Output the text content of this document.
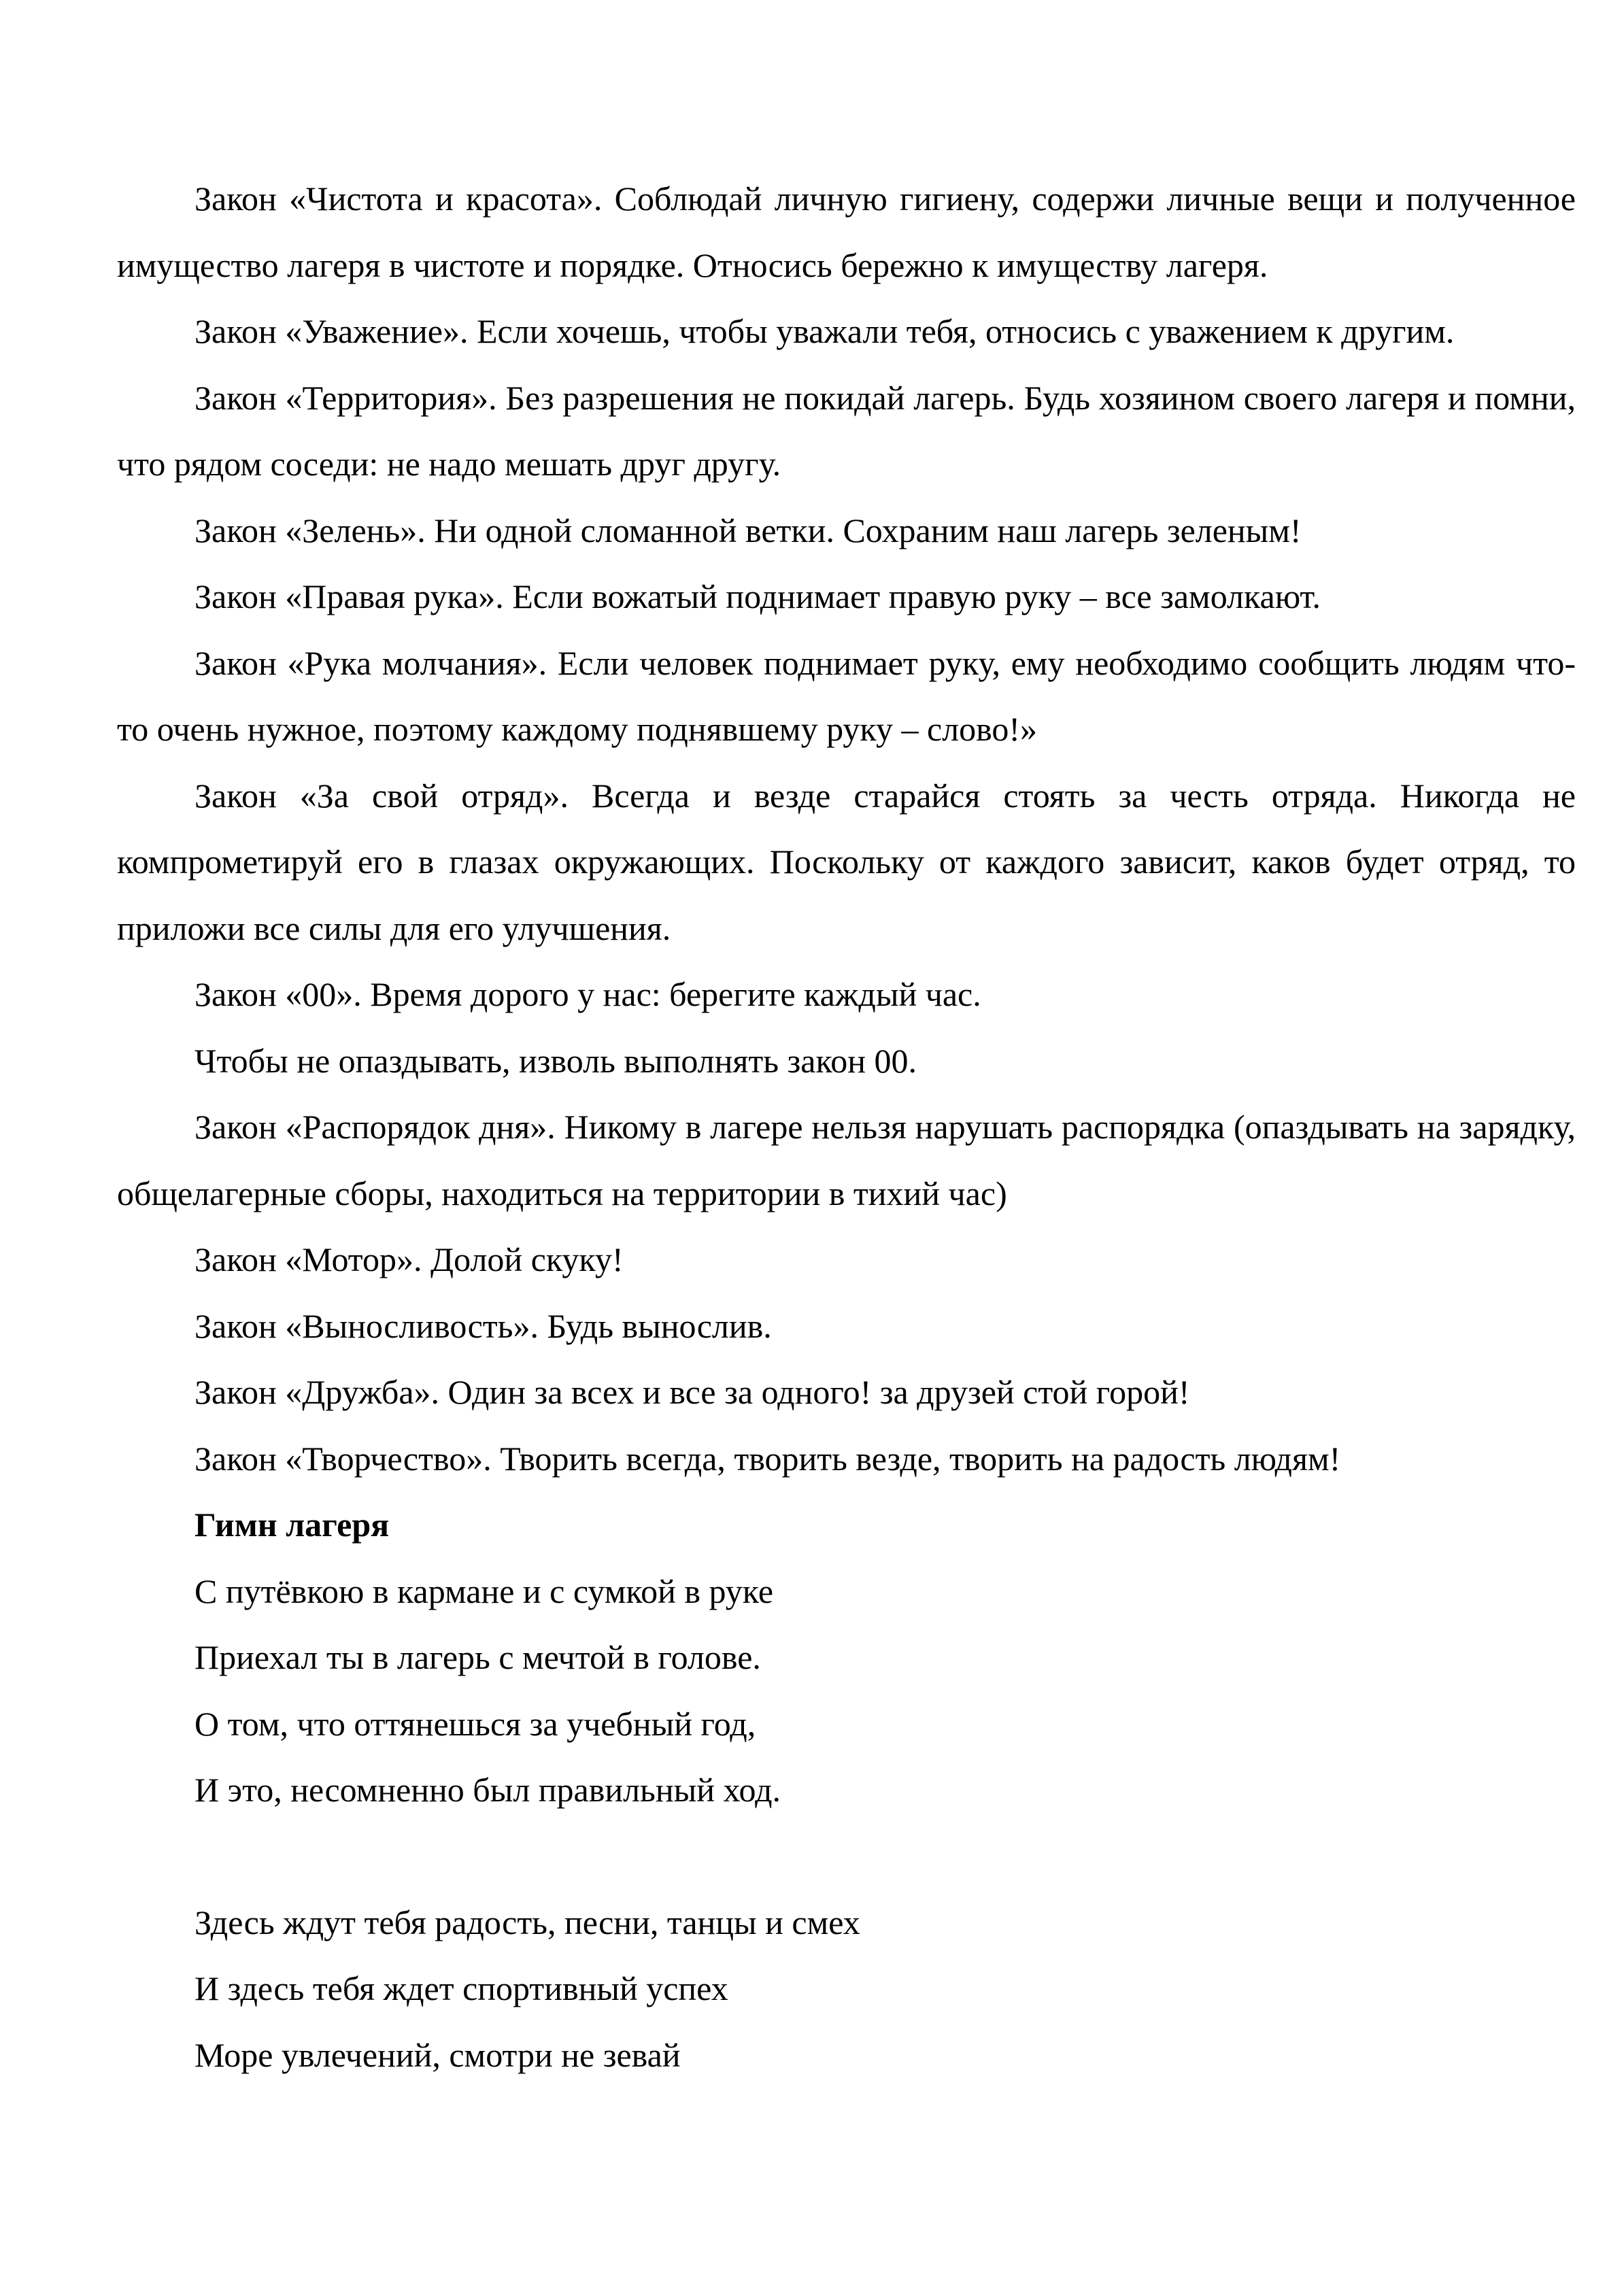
Закон «Чистота и красота». Соблюдай личную гигиену, содержи личные вещи и полученное имущество лагеря в чистоте и порядке. Относись бережно к имуществу лагеря.

Закон «Уважение». Если хочешь, чтобы уважали тебя, относись с уважением к другим.

Закон «Территория». Без разрешения не покидай лагерь. Будь хозяином своего лагеря и помни, что рядом соседи: не надо мешать друг другу.

Закон «Зелень». Ни одной сломанной ветки. Сохраним наш лагерь зеленым!

Закон «Правая рука». Если вожатый поднимает правую руку – все замолкают.

Закон «Рука молчания». Если человек поднимает руку, ему необходимо сообщить людям что-то очень нужное, поэтому каждому поднявшему руку – слово!»

Закон «За свой отряд». Всегда и везде старайся стоять за честь отряда. Никогда не компрометируй его в глазах окружающих. Поскольку от каждого зависит, каков будет отряд, то приложи все силы для его улучшения.

Закон «00». Время дорого у нас: берегите каждый час.

Чтобы не опаздывать, изволь выполнять закон 00.

Закон «Распорядок дня». Никому в лагере нельзя нарушать распорядка (опаздывать на зарядку, общелагерные сборы, находиться на территории в тихий час)

Закон «Мотор». Долой скуку!

Закон «Выносливость». Будь вынослив.

Закон «Дружба». Один за всех и все за одного! за друзей стой горой!

Закон «Творчество». Творить всегда, творить везде, творить на радость людям!

Гимн лагеря

С путёвкою в кармане и с сумкой в руке

Приехал ты в лагерь с мечтой в голове.

О том, что оттянешься за учебный год,

И это, несомненно был правильный ход.

Здесь ждут тебя радость, песни, танцы и смех

И здесь тебя ждет спортивный успех

Море увлечений, смотри не зевай
